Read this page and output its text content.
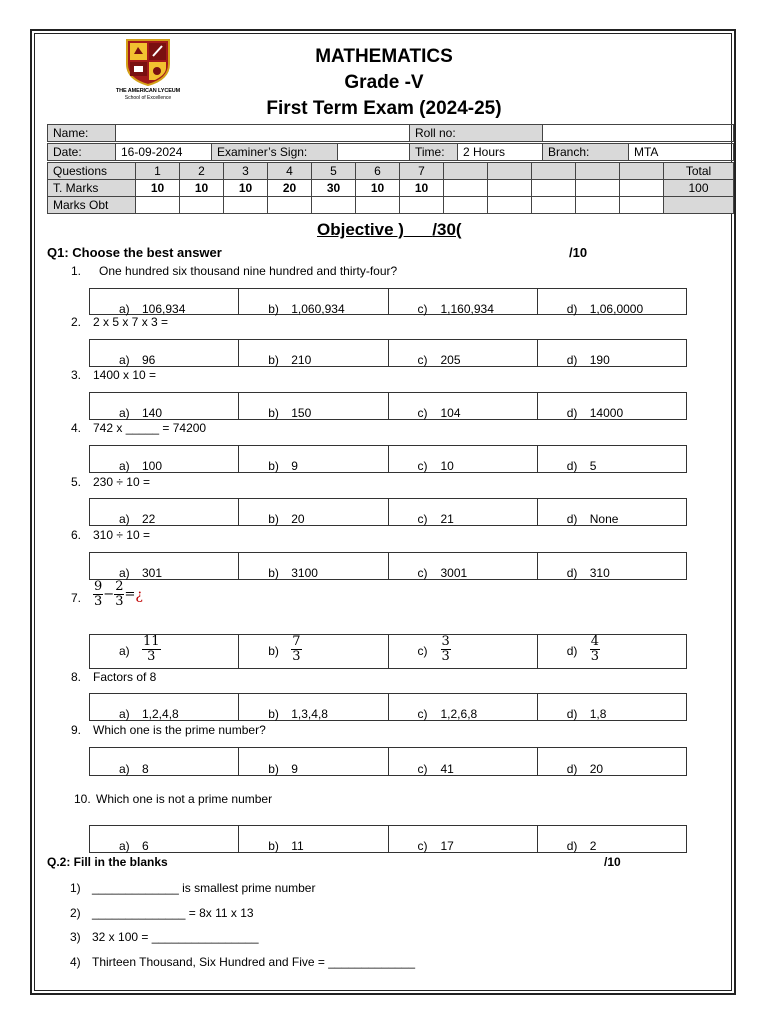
THE AMERICAN LYCEUM
School of Excellence
MATHEMATICS
Grade -V
First Term Exam (2024-25)
Name:		Roll no:	
Date:	16-09-2024	Examiner’s Sign:		Time:	2 Hours	Branch:	MTA
Questions	1	2	3	4	5	6	7						Total
T. Marks	10	10	10	20	30	10	10						100
Marks Obt													
Objective ) /30(
Q1: Choose the best answer	/10
1. One hundred six thousand nine hundred and thirty-four?
a) 106,934	b) 1,060,934	c) 1,160,934	d) 1,06,0000
2. 2 x 5 x 7 x 3 =
a) 96	b) 210	c) 205	d) 190
3. 1400 x 10 =
a) 140	b) 150	c) 104	d) 14000
4. 742 x _____ = 74200
a) 100	b) 9	c) 10	d) 5
5. 230 ÷ 10 =
a) 22	b) 20	c) 21	d) None
6. 310 ÷ 10 =
a) 301	b) 3100	c) 3001	d) 310
7. $\frac{9}{3} - \frac{2}{3}$ = ¿
$a) \frac{11}{3}$	$b) \frac{7}{3}$	$c) \frac{3}{3}$	$d) \frac{4}{3}$
8. Factors of 8
a) 1,2,4,8	b) 1,3,4,8	c) 1,2,6,8	d) 1,8
9. Which one is the prime number?
a) 8	b) 9	c) 41	d) 20
10. Which one is not a prime number
a) 6	b) 11	c) 17	d) 2
Q.2: Fill in the blanks	/10
1) _____________ is smallest prime number
2) ______________ = 8x 11 x 13
3) 32 x 100 = ________________
4) Thirteen Thousand, Six Hundred and Five = _____________
